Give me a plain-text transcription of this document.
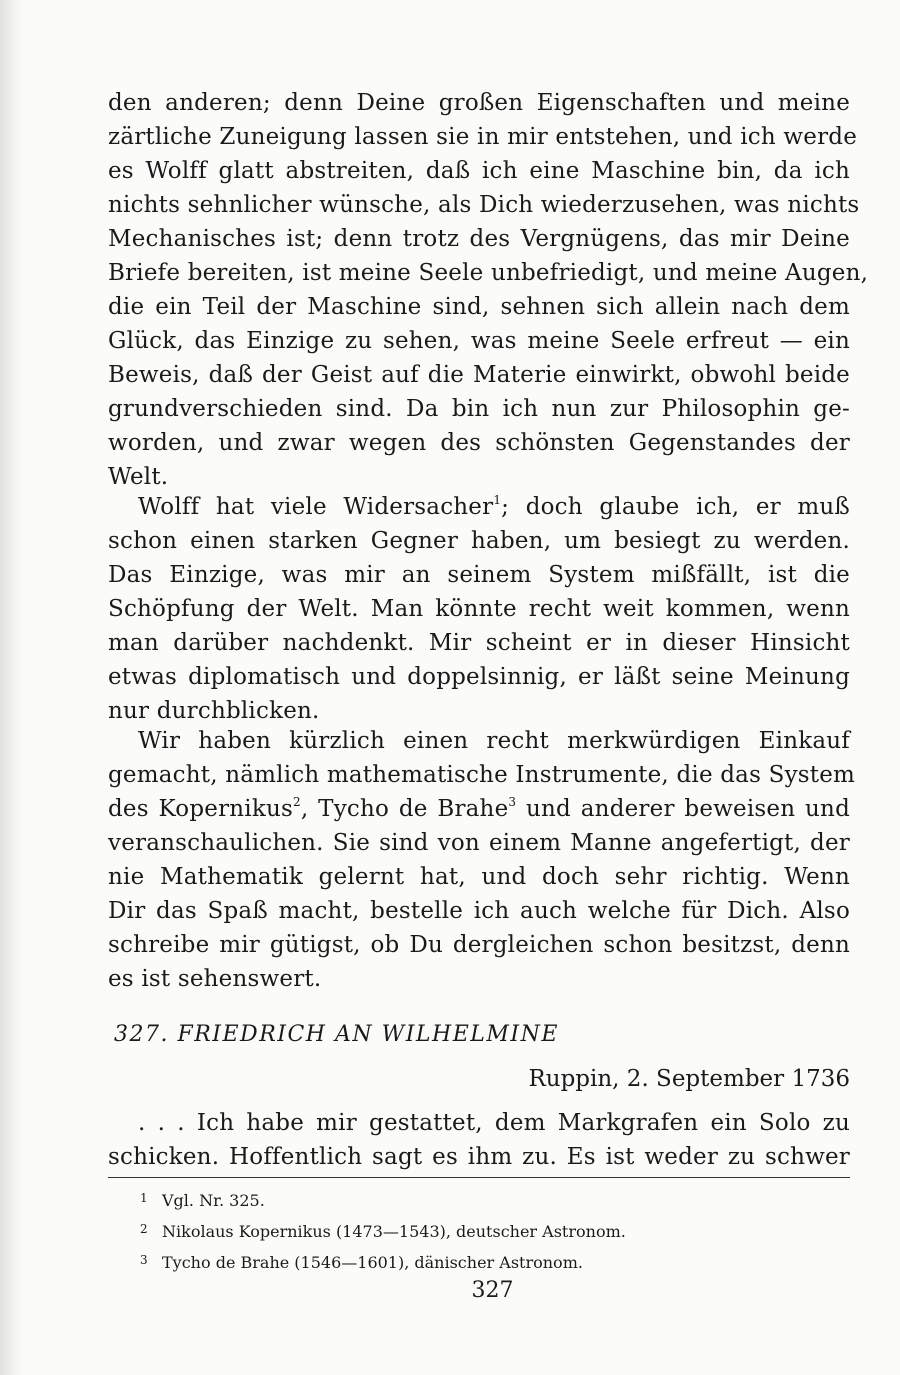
den anderen; denn Deine großen Eigenschaften und meine
zärtliche Zuneigung lassen sie in mir entstehen, und ich werde
es Wolff glatt abstreiten, daß ich eine Maschine bin, da ich
nichts sehnlicher wünsche, als Dich wiederzusehen, was nichts
Mechanisches ist; denn trotz des Vergnügens, das mir Deine
Briefe bereiten, ist meine Seele unbefriedigt, und meine Augen,
die ein Teil der Maschine sind, sehnen sich allein nach dem
Glück, das Einzige zu sehen, was meine Seele erfreut — ein
Beweis, daß der Geist auf die Materie einwirkt, obwohl beide
grundverschieden sind. Da bin ich nun zur Philosophin ge-
worden, und zwar wegen des schönsten Gegenstandes der
Welt.
Wolff hat viele Widersacher$^1$; doch glaube ich, er muß
schon einen starken Gegner haben, um besiegt zu werden.
Das Einzige, was mir an seinem System mißfällt, ist die
Schöpfung der Welt. Man könnte recht weit kommen, wenn
man darüber nachdenkt. Mir scheint er in dieser Hinsicht
etwas diplomatisch und doppelsinnig, er läßt seine Meinung
nur durchblicken.
Wir haben kürzlich einen recht merkwürdigen Einkauf
gemacht, nämlich mathematische Instrumente, die das System
des Kopernikus$^2$, Tycho de Brahe$^3$ und anderer beweisen und
veranschaulichen. Sie sind von einem Manne angefertigt, der
nie Mathematik gelernt hat, und doch sehr richtig. Wenn
Dir das Spaß macht, bestelle ich auch welche für Dich. Also
schreibe mir gütigst, ob Du dergleichen schon besitzst, denn
es ist sehenswert.
327. FRIEDRICH AN WILHELMINE
Ruppin, 2. September 1736
. . . Ich habe mir gestattet, dem Markgrafen ein Solo zu
schicken. Hoffentlich sagt es ihm zu. Es ist weder zu schwer
1 Vgl. Nr. 325.
2 Nikolaus Kopernikus (1473—1543), deutscher Astronom.
3 Tycho de Brahe (1546—1601), dänischer Astronom.
327
